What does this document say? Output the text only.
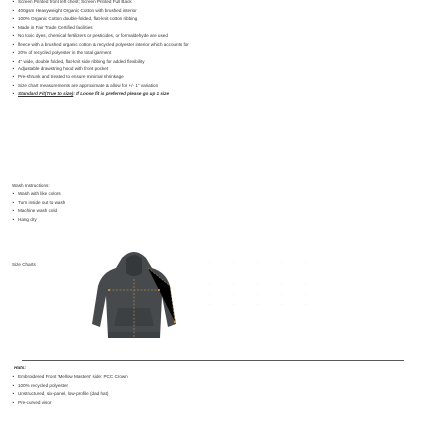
• Screen Printed front left chest; Screen Printed Full Back
• 400gsm Heavyweight Organic Cotton with brushed interior
• 100% Organic Cotton double-folded, flat-knit cotton ribbing
• Made in Fair Trade Certified facilities
• No toxic dyes, chemical fertilizers or pesticides, or formaldehyde are used
• fleece with a brushed organic cotton & recycled polyester interior which accounts for
• 20% of recycled polyester in the total garment
• 4" wide, double folded, flat-knit side ribbing for added flexibility
• Adjustable drawstring hood with front pocket
• Pre-shrunk and treated to ensure minimal shrinkage
• Size chart measurements are approximate & allow for +/- 1" variation
• Standard Fit(True to size): If Loose fit is preferred please go up 1 size
Wash Instructions:
• Wash with like colors
• Turn inside out to wash
• Machine wash cold
• Hang dry
Size Charts
						·	· ·	· ·	· ·	· ·	· ·
·	·	·	·	·	·
·	· ·	· ·	· ·	· ·	· ·
·	· ·	· ·	· ·	· ·	· ·
·	· ·	· ·	· ·	· ·	· ·
·	·	·	·	·	·
·	·	·	·	·	·
Hats:
• Embroidered Front 'Mellow Masters' side: PCC Crown
• 100% recycled polyester
• Unstructured, six-panel, low-profile (dad hat)
• Pre-curved visor
